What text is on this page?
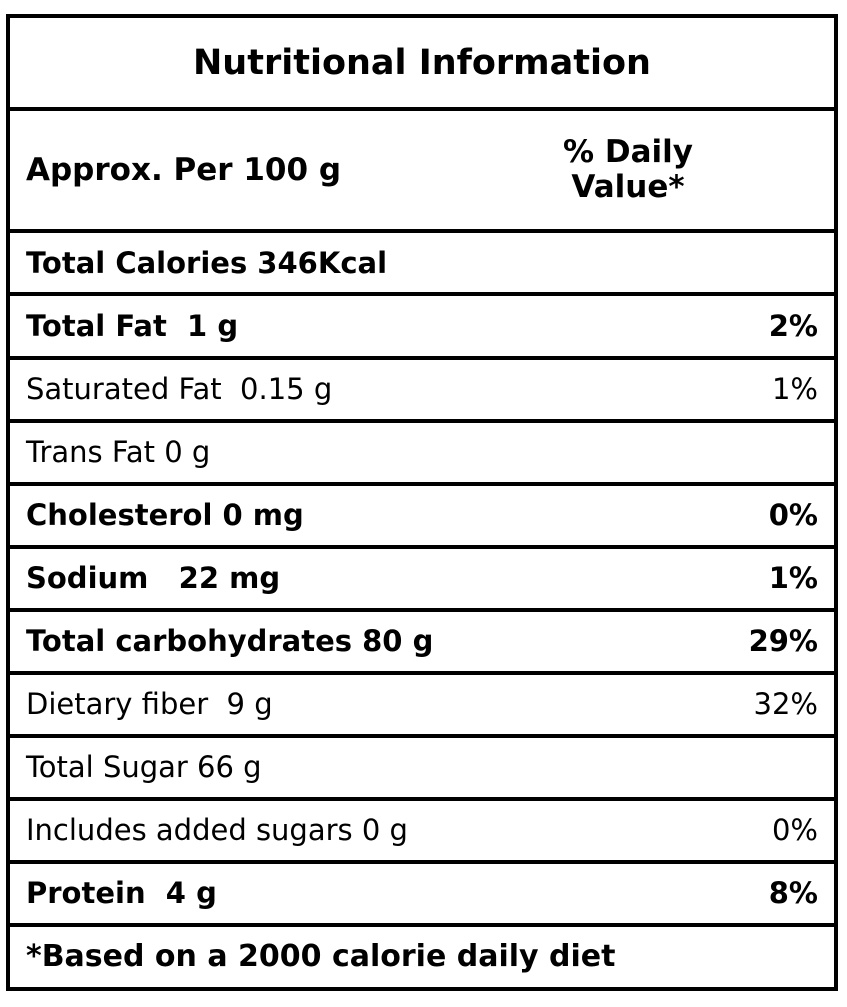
Nutritional Information	
Approx. Per 100 g	% Daily
Value*
Total Calories 346Kcal	
Total Fat  1 g	2%
Saturated Fat  0.15 g	1%
Trans Fat 0 g	
Cholesterol 0 mg	0%
Sodium   22 mg	1%
Total carbohydrates 80 g	29%
Dietary fiber  9 g	32%
Total Sugar 66 g	
Includes added sugars 0 g	0%
Protein  4 g	8%
*Based on a 2000 calorie daily diet	
